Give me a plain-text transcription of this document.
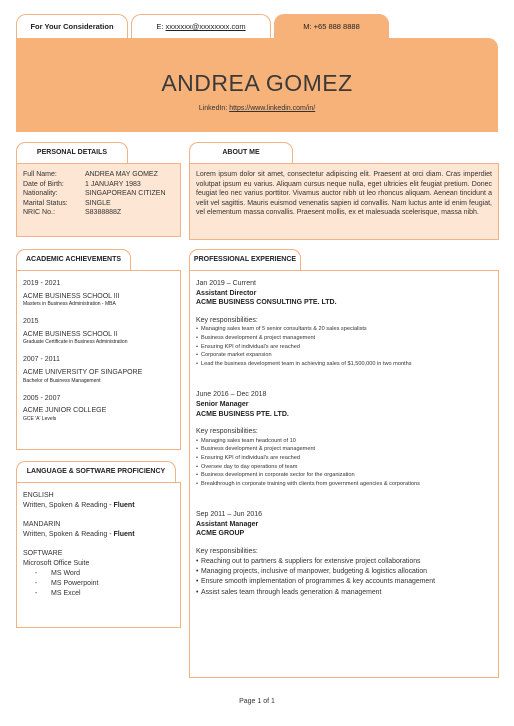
For Your Consideration	E: xxxxxxx@xxxxxxxx.com	M: +65 888 8888
ANDREA GOMEZ
LinkedIn: https://www.linkedin.com/in/
PERSONAL DETAILS
Full Name:	ANDREA MAY GOMEZ
Date of Birth:	1 JANUARY 1983
Nationality:	SINGAPOREAN CITIZEN
Marital Status:	SINGLE
NRIC No.:	S8388888Z
ABOUT ME
Lorem ipsum dolor sit amet, consectetur adipiscing elit. Praesent at orci diam. Cras imperdiet volutpat ipsum eu varius. Aliquam cursus neque nulla, eget ultricies elit feugiat pretium. Donec feugiat leo nec varius porttitor. Vivamus auctor nibh ut leo rhoncus aliquam. Aenean tincidunt a velit vel sagittis. Mauris euismod venenatis sapien id convallis. Nam luctus ante id enim feugiat, vel elementum massa convallis. Praesent mollis, ex et malesuada scelerisque, massa nibh.
ACADEMIC ACHIEVEMENTS
2019 - 2021
ACME BUSINESS SCHOOL III
Masters in Business Administration - MBA
2015
ACME BUSINESS SCHOOL II
Graduate Certificate in Business Administration
2007 - 2011
ACME UNIVERSITY OF SINGAPORE
Bachelor of Business Management
2005 - 2007
ACME JUNIOR COLLEGE
GCE 'A' Levels
LANGUAGE & SOFTWARE PROFICIENCY
ENGLISH
Written, Spoken & Reading - Fluent
MANDARIN
Written, Spoken & Reading - Fluent
SOFTWARE
Microsoft Office Suite
- MS Word
- MS Powerpoint
- MS Excel
PROFESSIONAL EXPERIENCE
Jan 2019 – Current
Assistant Director
ACME BUSINESS CONSULTING PTE. LTD.
Key responsibilities:
• Managing sales team of 5 senior consultants & 20 sales specialists
• Business development & project management
• Ensuring KPI of individual's are reached
• Corporate market expansion
• Lead the business development team in achieving sales of $1,500,000 in two months
June 2016 – Dec 2018
Senior Manager
ACME BUSINESS PTE. LTD.
Key responsibilities:
• Managing sales team headcount of 10
• Business development & project management
• Ensuring KPI of individual's are reached
• Oversee day to day operations of team
• Business development in corporate sector for the organization
• Breakthrough in corporate training with clients from government agencies & corporations
Sep 2011 – Jun 2016
Assistant Manager
ACME GROUP
Key responsibilities:
• Reaching out to partners & suppliers for extensive project collaborations
• Managing projects, inclusive of manpower, budgeting & logistics allocation
• Ensure smooth implementation of programmes & key accounts management
• Assist sales team through leads generation & management
Page 1 of 1
